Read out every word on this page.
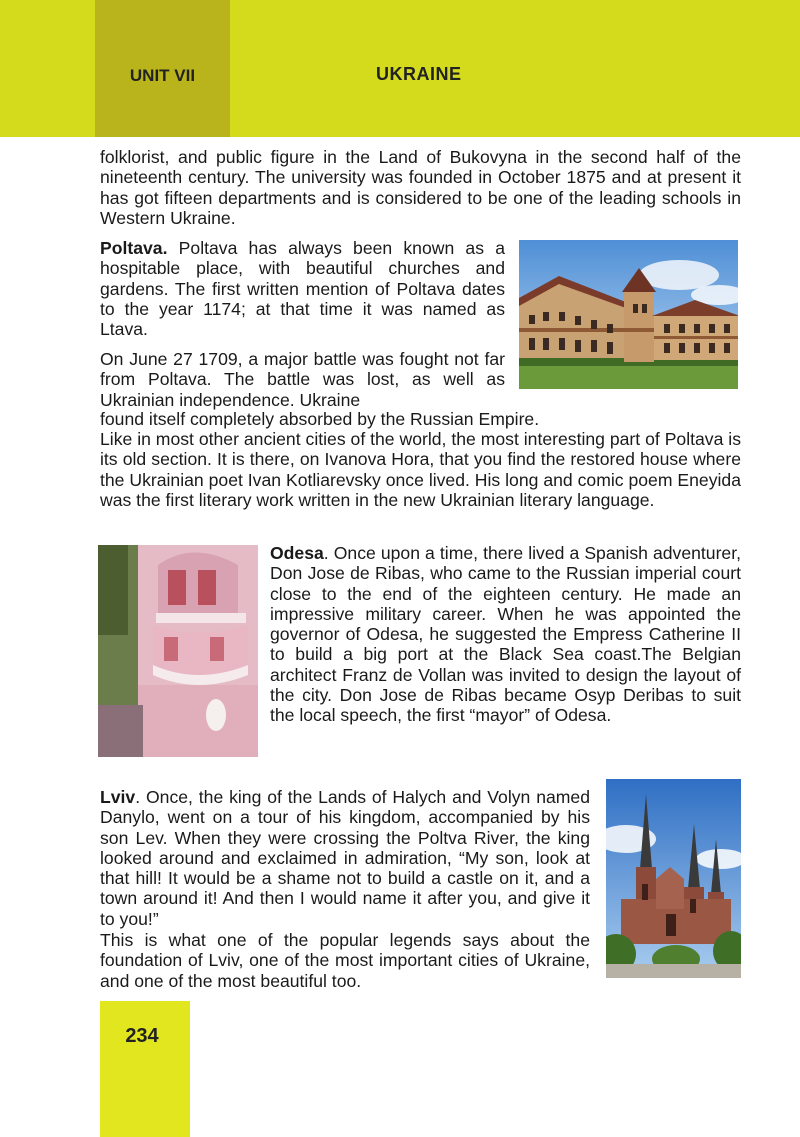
UNIT VII	UKRAINE
folklorist, and public figure in the Land of Bukovyna in the second half of the nineteenth century. The university was founded in October 1875 and at present it has got fifteen departments and is considered to be one of the leading schools in Western Ukraine.
Poltava. Poltava has always been known as a hospitable place, with beautiful churches and gardens. The first written mention of Poltava dates to the year 1174; at that time it was named as Ltava.
On June 27 1709, a major battle was fought not far from Poltava. The battle was lost, as well as Ukrainian independence. Ukraine
found itself completely absorbed by the Russian Empire.
Like in most other ancient cities of the world, the most interesting part of Poltava is its old section. It is there, on Ivanova Hora, that you find the restored house where the Ukrainian poet Ivan Kotliarevsky once lived. His long and comic poem Eneyida was the first literary work written in the new Ukrainian literary language.
Odesa. Once upon a time, there lived a Spanish adventurer, Don Jose de Ribas, who came to the Russian imperial court close to the end of the eighteen century. He made an impressive military career. When he was appointed the governor of Odesa, he suggested the Empress Catherine II to build a big port at the Black Sea coast.The Belgian architect Franz de Vollan was invited to design the layout of the city. Don Jose de Ribas became Osyp Deribas to suit the local speech, the first “mayor” of Odesa.
Lviv. Once, the king of the Lands of Halych and Volyn named Danylo, went on a tour of his kingdom, accompanied by his son Lev. When they were crossing the Poltva River, the king looked around and exclaimed in admiration, “My son, look at that hill! It would be a shame not to build a castle on it, and a town around it! And then I would name it after you, and give it to you!”
This is what one of the popular legends says about the foundation of Lviv, one of the most important cities of Ukraine, and one of the most beautiful too.
234
